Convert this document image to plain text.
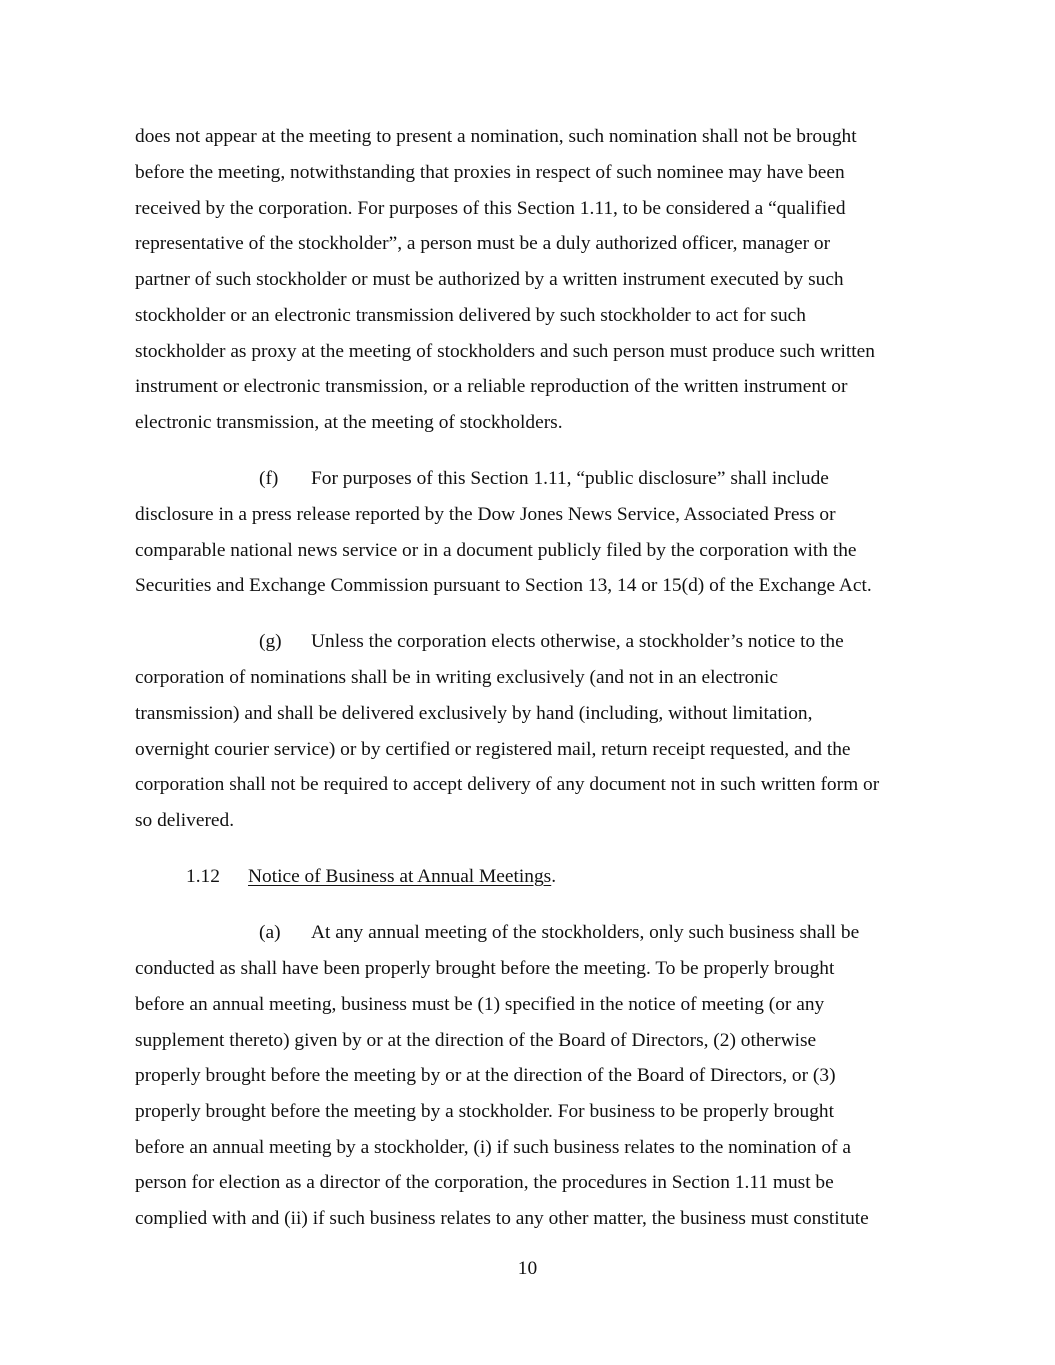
does not appear at the meeting to present a nomination, such nomination shall not be brought
before the meeting, notwithstanding that proxies in respect of such nominee may have been
received by the corporation. For purposes of this Section 1.11, to be considered a “qualified
representative of the stockholder”, a person must be a duly authorized officer, manager or
partner of such stockholder or must be authorized by a written instrument executed by such
stockholder or an electronic transmission delivered by such stockholder to act for such
stockholder as proxy at the meeting of stockholders and such person must produce such written
instrument or electronic transmission, or a reliable reproduction of the written instrument or
electronic transmission, at the meeting of stockholders.
(f) For purposes of this Section 1.11, “public disclosure” shall include
disclosure in a press release reported by the Dow Jones News Service, Associated Press or
comparable national news service or in a document publicly filed by the corporation with the
Securities and Exchange Commission pursuant to Section 13, 14 or 15(d) of the Exchange Act.
(g) Unless the corporation elects otherwise, a stockholder’s notice to the
corporation of nominations shall be in writing exclusively (and not in an electronic
transmission) and shall be delivered exclusively by hand (including, without limitation,
overnight courier service) or by certified or registered mail, return receipt requested, and the
corporation shall not be required to accept delivery of any document not in such written form or
so delivered.
1.12 Notice of Business at Annual Meetings.
(a) At any annual meeting of the stockholders, only such business shall be
conducted as shall have been properly brought before the meeting. To be properly brought
before an annual meeting, business must be (1) specified in the notice of meeting (or any
supplement thereto) given by or at the direction of the Board of Directors, (2) otherwise
properly brought before the meeting by or at the direction of the Board of Directors, or (3)
properly brought before the meeting by a stockholder. For business to be properly brought
before an annual meeting by a stockholder, (i) if such business relates to the nomination of a
person for election as a director of the corporation, the procedures in Section 1.11 must be
complied with and (ii) if such business relates to any other matter, the business must constitute
10
